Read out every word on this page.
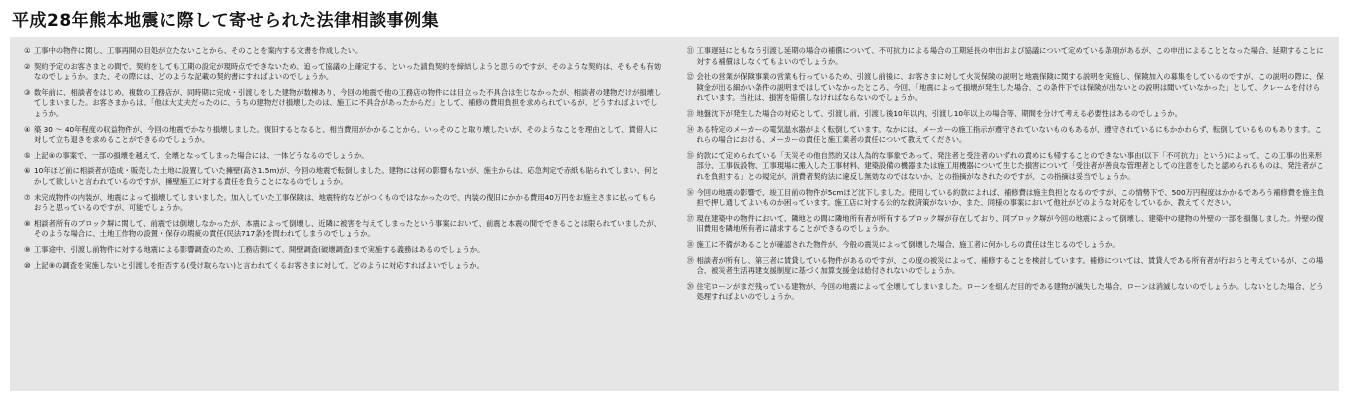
平成28年熊本地震に際して寄せられた法律相談事例集
① 工事中の物件に関し、工事再開の目処が立たないことから、そのことを案内する文書を作成したい。
② 契約予定のお客さまとの間で、契約をしても工期の設定が現時点でできないため、追って協議の上確定する、といった請負契約を締結しようと思うのですが、そのような契約は、そもそも有効なのでしょうか。また、その際には、どのような記載の契約書にすればよいのでしょうか。
③ 数年前に、相談者をはじめ、複数の工務店が、同時期に完成・引渡しをした建物が数棟あり、今回の地震で他の工務店の物件には目立った不具合は生じなかったが、相談者の建物だけが損壊してしまいました。お客さまからは、「他は大丈夫だったのに、うちの建物だけ損壊したのは、施工に不具合があったからだ」として、補修の費用負担を求められているが、どうすればよいでしょうか。
④ 築 30 ～ 40年程度の収益物件が、今回の地震でかなり損壊しました。復旧するとなると、相当費用がかかることから、いっそのこと取り壊したいが、そのようなことを理由として、賃借人に対して立ち退きを求めることができるのでしょうか。
⑤ 上記④の事案で、一部の損壊を越えて、全壊となってしまった場合には、一体どうなるのでしょうか。
⑥ 10年ほど前に相談者が造成・販売した土地に設置していた擁壁(高さ1.5m)が、今回の地震で転倒しました。建物には何の影響もないが、施主からは、応急判定で赤紙も貼られてしまい、何とかして欲しいと言われているのですが、擁壁施工に対する責任を負うことになるのでしょうか。
⑦ 未完成物件の内装が、地震によって損壊してしまいました。加入していた工事保険は、地震特約などがつくものではなかったので、内装の復旧にかかる費用40万円をお施主さまに払ってもらおうと思っているのですが、可能でしょうか。
⑧ 相談者所有のブロック塀に関して、前震では倒壊しなかったが、本震によって倒壊し、近隣に被害を与えてしまったという事案において、前震と本震の間でできることは限られていましたが、そのような場合に、土地工作物の設置・保存の瑕疵の責任(民法717条)を問われてしまうのでしょうか。
⑨ 工事途中、引渡し前物件に対する地震による影響調査のため、工務店側にて、開壁調査(破壊調査)まで実施する義務はあるのでしょうか。
⑩ 上記⑨の調査を実施しないと引渡しを拒否する(受け取らない)と言われてくるお客さまに対して、どのように対応すればよいでしょうか。
⑪ 工事遅延にともなう引渡し延期の場合の補償について、不可抗力による場合の工期延長の申出および協議について定めている条項があるが、この申出によることとなった場合、延期することに対する補償はしなくてもよいのでしょうか。
⑫ 会社の営業が保険事業の営業も行っているため、引渡し前後に、お客さまに対して火災保険の説明と地震保険に関する説明を実施し、保険加入の募集をしているのですが、この説明の際に、保険金が出る細かい条件の説明まではしていなかったところ、今回、「地震によって損壊が発生した場合、この条件下では保険が出ないとの説明は聞いていなかった」として、クレームを付けられています。当社は、損害を賠償しなければならないのでしょうか。
⑬ 地盤沈下が発生した場合の対応として、引渡し前、引渡し後10年以内、引渡し10年以上の場合等、期間を分けて考える必要性はあるのでしょうか。
⑭ ある特定のメーカーの電気温水器がよく転倒しています。なかには、メーカーの施工指示が遵守されていないものもあるが、遵守されているにもかかわらず、転倒しているものもあります。これらの場合における、メーカーの責任と施工業者の責任について教えてください。
⑮ 約款にて定められている「天災その他自然的又は人為的な事象であって、発注者と受注者のいずれの責めにも帰することのできない事由(以下「不可抗力」という)によって、この工事の出来形部分、工事仮設物、工事現場に搬入した工事材料、建築設備の機器または施工用機器について生じた損害について「受注者が善良な管理者としての注意をしたと認められるものは、発注者がこれを負担する」との規定が、消費者契約法に違反し無効なのではないか、との指摘がなされたのですが、この指摘は妥当でしょうか。
⑯ 今回の地震の影響で、竣工目前の物件が5cmほど沈下しました。使用している約款によれば、補修費は施主負担となるのですが、この情勢下で、500万円程度はかかるであろう補修費を施主負担で押し通してよいものか困っています。施工店に対する公的な救済策がないか、また、同様の事案において他社がどのような対応をしているか、教えてください。
⑰ 現在建築中の物件において、隣地との間に隣地所有者が所有するブロック塀が存在しており、同ブロック塀が今回の地震によって倒壊し、建築中の建物の外壁の一部を損傷しました。外壁の復旧費用を隣地所有者に請求することができるのでしょうか。
⑱ 施工に不備があることが確認された物件が、今般の震災によって倒壊した場合、施工者に何かしらの責任は生じるのでしょうか。
⑲ 相談者が所有し、第三者に賃貸している物件があるのですが、この度の被災によって、補修することを検討しています。補修については、賃貸人である所有者が行おうと考えているが、この場合、被災者生活再建支援制度に基づく加算支援金は給付されないのでしょうか。
⑳ 住宅ローンがまだ残っている建物が、今回の地震によって全壊してしまいました。ローンを組んだ目的である建物が滅失した場合、ローンは消滅しないのでしょうか。しないとした場合、どう処理すればよいのでしょうか。
